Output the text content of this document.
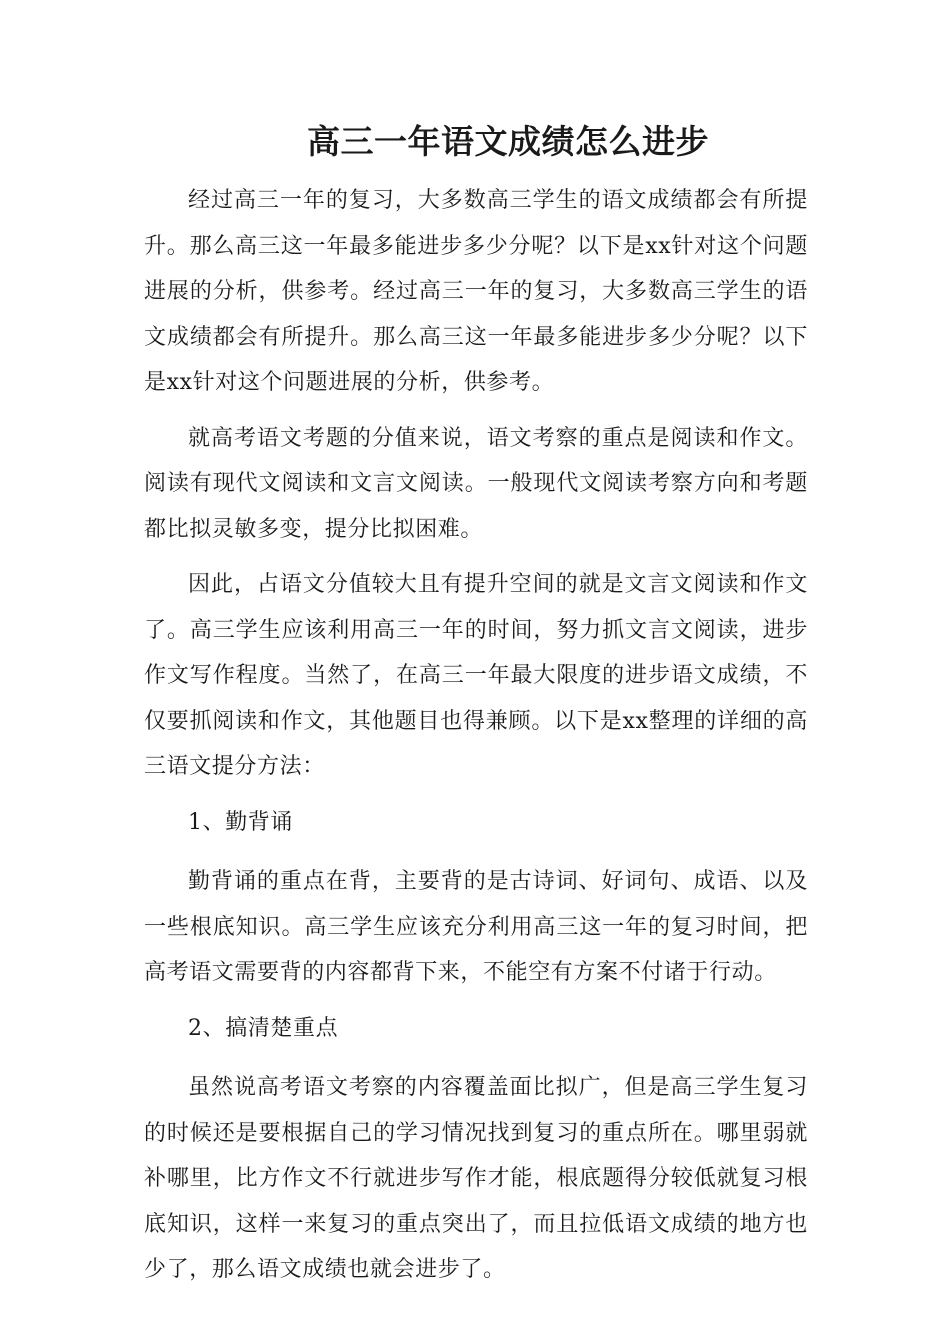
高三一年语文成绩怎么进步

经过高三一年的复习，大多数高三学生的语文成绩都会有所提升。那么高三这一年最多能进步多少分呢？以下是xx针对这个问题进展的分析，供参考。经过高三一年的复习，大多数高三学生的语文成绩都会有所提升。那么高三这一年最多能进步多少分呢？以下是xx针对这个问题进展的分析，供参考。

就高考语文考题的分值来说，语文考察的重点是阅读和作文。阅读有现代文阅读和文言文阅读。一般现代文阅读考察方向和考题都比拟灵敏多变，提分比拟困难。

因此，占语文分值较大且有提升空间的就是文言文阅读和作文了。高三学生应该利用高三一年的时间，努力抓文言文阅读，进步作文写作程度。当然了，在高三一年最大限度的进步语文成绩，不仅要抓阅读和作文，其他题目也得兼顾。以下是xx整理的详细的高三语文提分方法：

1、勤背诵

勤背诵的重点在背，主要背的是古诗词、好词句、成语、以及一些根底知识。高三学生应该充分利用高三这一年的复习时间，把高考语文需要背的内容都背下来，不能空有方案不付诸于行动。

2、搞清楚重点

虽然说高考语文考察的内容覆盖面比拟广，但是高三学生复习的时候还是要根据自己的学习情况找到复习的重点所在。哪里弱就补哪里，比方作文不行就进步写作才能，根底题得分较低就复习根底知识，这样一来复习的重点突出了，而且拉低语文成绩的地方也少了，那么语文成绩也就会进步了。
